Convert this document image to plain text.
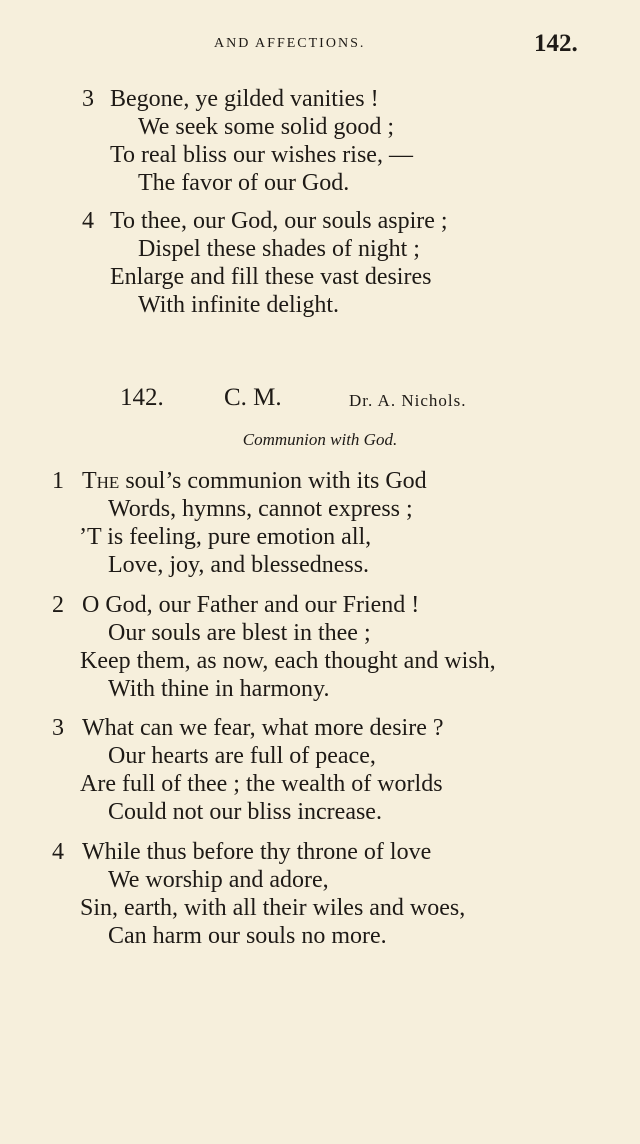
AND AFFECTIONS.	142.
3 Begone, ye gilded vanities !
We seek some solid good ;
To real bliss our wishes rise, —
The favor of our God.
4 To thee, our God, our souls aspire ;
Dispel these shades of night ;
Enlarge and fill these vast desires
With infinite delight.
142. C. M.	Dr. A. Nichols.
Communion with God.
1 The soul’s communion with its God
Words, hymns, cannot express ;
’T is feeling, pure emotion all,
Love, joy, and blessedness.
2 O God, our Father and our Friend !
Our souls are blest in thee ;
Keep them, as now, each thought and wish,
With thine in harmony.
3 What can we fear, what more desire ?
Our hearts are full of peace,
Are full of thee ; the wealth of worlds
Could not our bliss increase.
4 While thus before thy throne of love
We worship and adore,
Sin, earth, with all their wiles and woes,
Can harm our souls no more.
